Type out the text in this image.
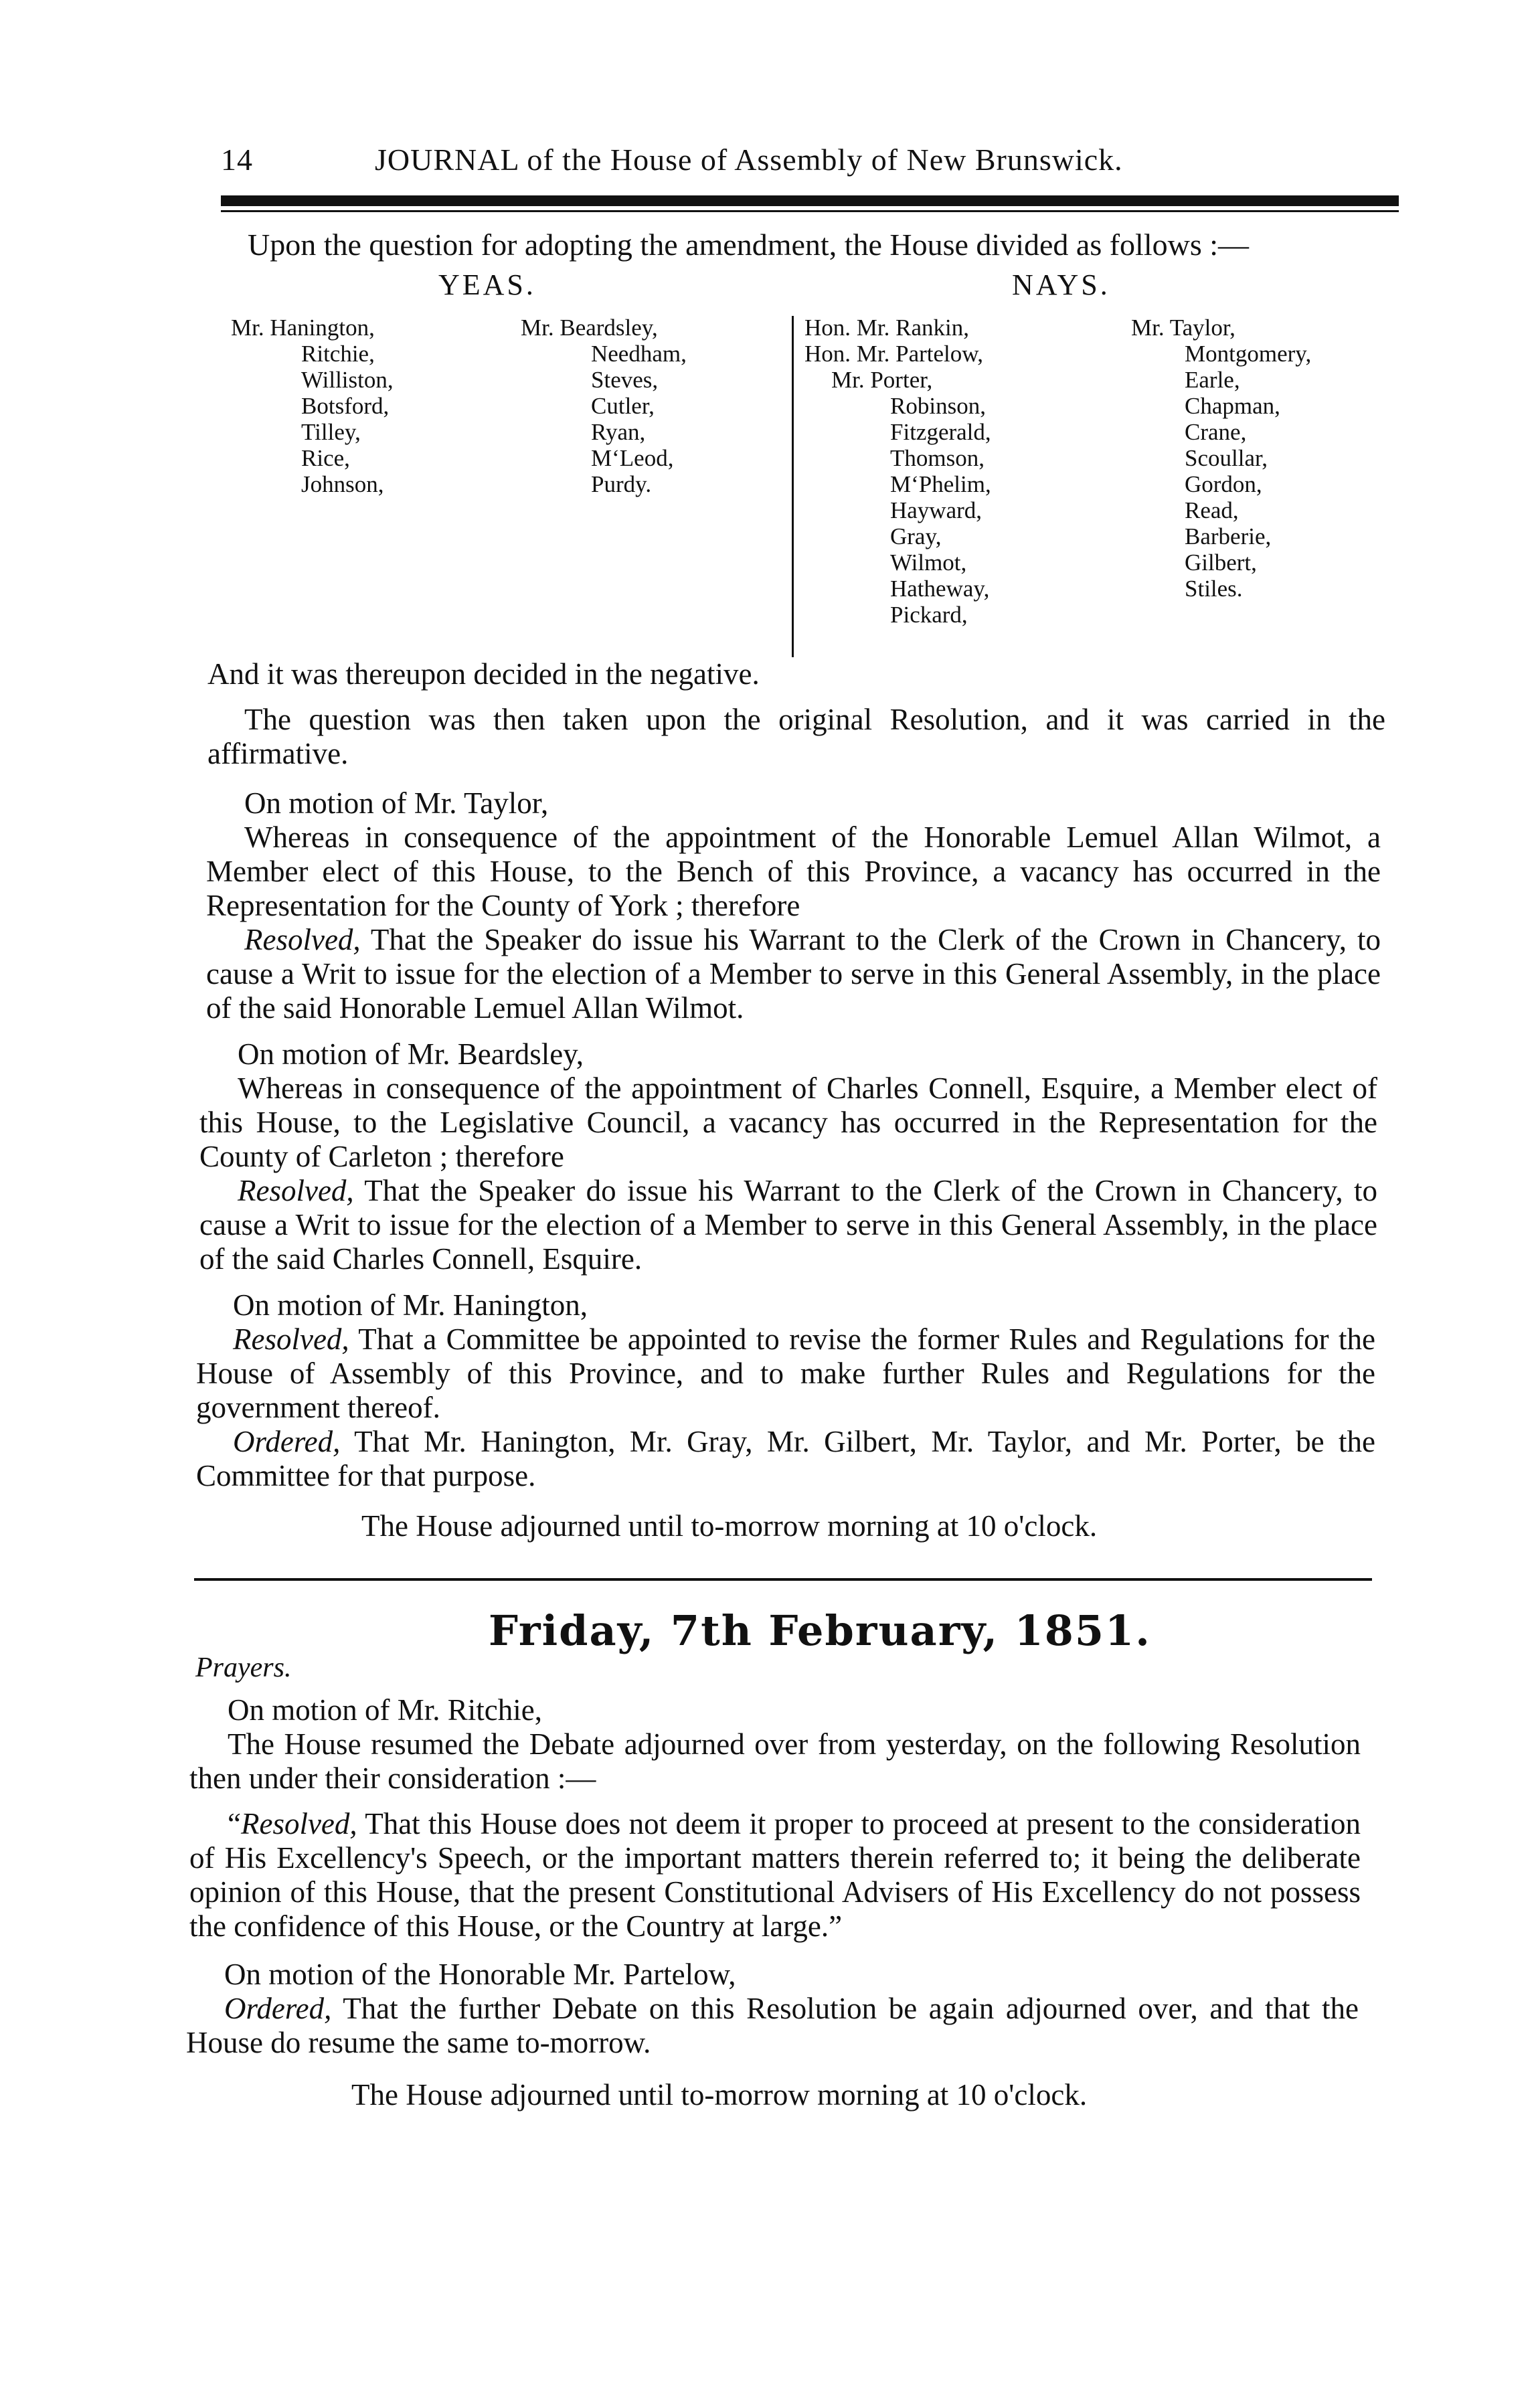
14	JOURNAL of the House of Assembly of New Brunswick.
Upon the question for adopting the amendment, the House divided as follows :—
YEAS.	NAYS.
Mr. Hanington,
Ritchie,
Williston,
Botsford,
Tilley,
Rice,
Johnson,
Mr. Beardsley,
Needham,
Steves,
Cutler,
Ryan,
M‘Leod,
Purdy.
Hon. Mr. Rankin,
Hon. Mr. Partelow,
Mr. Porter,
Robinson,
Fitzgerald,
Thomson,
M‘Phelim,
Hayward,
Gray,
Wilmot,
Hatheway,
Pickard,
Mr. Taylor,
Montgomery,
Earle,
Chapman,
Crane,
Scoullar,
Gordon,
Read,
Barberie,
Gilbert,
Stiles.
And it was thereupon decided in the negative.
The question was then taken upon the original Resolution, and it was carried in the affirmative.
On motion of Mr. Taylor,
Whereas in consequence of the appointment of the Honorable Lemuel Allan Wilmot, a Member elect of this House, to the Bench of this Province, a vacancy has occurred in the Representation for the County of York ; therefore
Resolved, That the Speaker do issue his Warrant to the Clerk of the Crown in Chancery, to cause a Writ to issue for the election of a Member to serve in this General Assembly, in the place of the said Honorable Lemuel Allan Wilmot.
On motion of Mr. Beardsley,
Whereas in consequence of the appointment of Charles Connell, Esquire, a Member elect of this House, to the Legislative Council, a vacancy has occurred in the Representation for the County of Carleton ; therefore
Resolved, That the Speaker do issue his Warrant to the Clerk of the Crown in Chancery, to cause a Writ to issue for the election of a Member to serve in this General Assembly, in the place of the said Charles Connell, Esquire.
On motion of Mr. Hanington,
Resolved, That a Committee be appointed to revise the former Rules and Regulations for the House of Assembly of this Province, and to make further Rules and Regulations for the government thereof.
Ordered, That Mr. Hanington, Mr. Gray, Mr. Gilbert, Mr. Taylor, and Mr. Porter, be the Committee for that purpose.
The House adjourned until to-morrow morning at 10 o'clock.
Friday, 7th February, 1851.
Prayers.
On motion of Mr. Ritchie,
The House resumed the Debate adjourned over from yesterday, on the following Resolution then under their consideration :—
“Resolved, That this House does not deem it proper to proceed at present to the consideration of His Excellency's Speech, or the important matters therein referred to; it being the deliberate opinion of this House, that the present Constitutional Advisers of His Excellency do not possess the confidence of this House, or the Country at large.”
On motion of the Honorable Mr. Partelow,
Ordered, That the further Debate on this Resolution be again adjourned over, and that the House do resume the same to-morrow.
The House adjourned until to-morrow morning at 10 o'clock.
